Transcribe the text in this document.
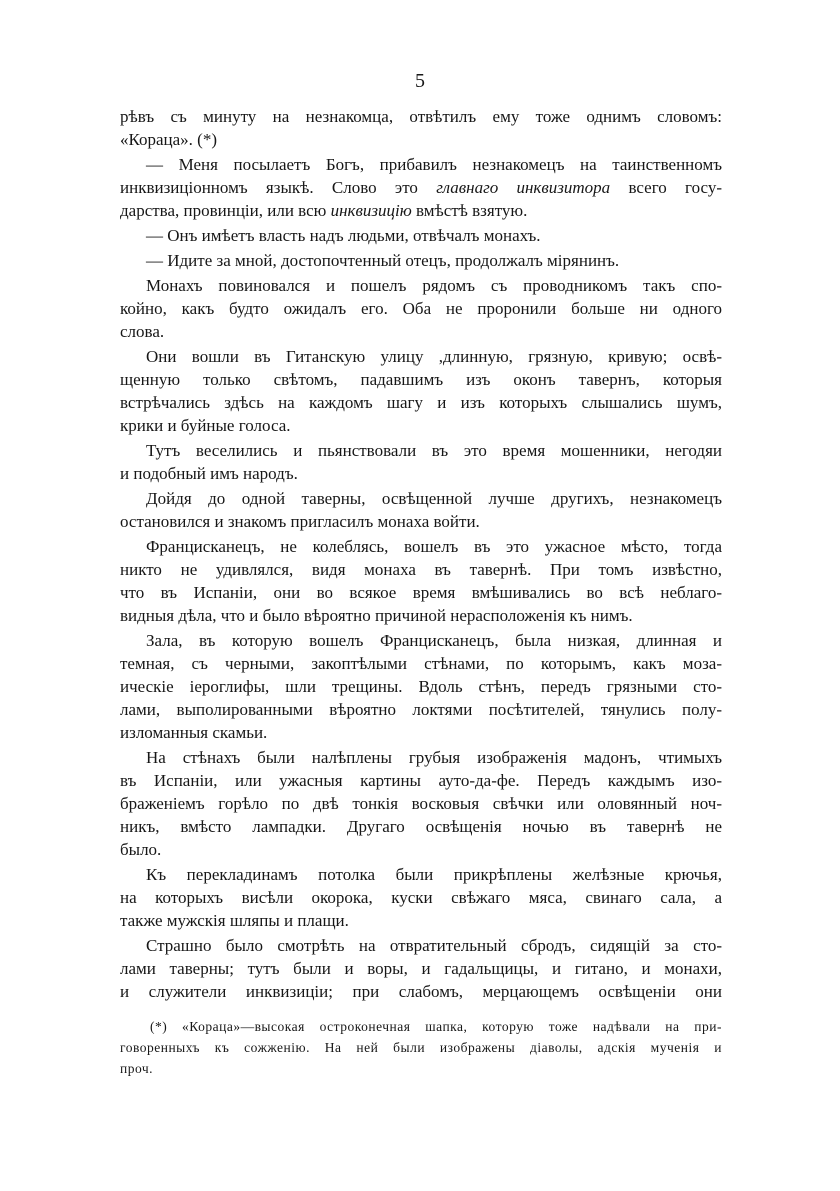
5
рѣвъ съ минуту на незнакомца, отвѣтилъ ему тоже однимъ словомъ:
«Кораца». (*)
— Меня посылаетъ Богъ, прибавилъ незнакомецъ на таинственномъ
инквизиціонномъ языкѣ. Слово это главнаго инквизитора всего госу-
дарства, провинціи, или всю инквизицію вмѣстѣ взятую.
— Онъ имѣетъ власть надъ людьми, отвѣчалъ монахъ.
— Идите за мной, достопочтенный отецъ, продолжалъ мірянинъ.
Монахъ повиновался и пошелъ рядомъ съ проводникомъ такъ спо-
койно, какъ будто ожидалъ его. Оба не проронили больше ни одного
слова.
Они вошли въ Гитанскую улицу ,длинную, грязную, кривую; освѣ-
щенную только свѣтомъ, падавшимъ изъ оконъ тавернъ, которыя
встрѣчались здѣсь на каждомъ шагу и изъ которыхъ слышались шумъ,
крики и буйные голоса.
Тутъ веселились и пьянствовали въ это время мошенники, негодяи
и подобный имъ народъ.
Дойдя до одной таверны, освѣщенной лучше другихъ, незнакомецъ
остановился и знакомъ пригласилъ монаха войти.
Францисканецъ, не колеблясь, вошелъ въ это ужасное мѣсто, тогда
никто не удивлялся, видя монаха въ тавернѣ. При томъ извѣстно,
что въ Испаніи, они во всякое время вмѣшивались во всѣ неблаго-
видныя дѣла, что и было вѣроятно причиной нерасположенія къ нимъ.
Зала, въ которую вошелъ Францисканецъ, была низкая, длинная и
темная, съ черными, закоптѣлыми стѣнами, по которымъ, какъ моза-
ическіе іероглифы, шли трещины. Вдоль стѣнъ, передъ грязными сто-
лами, выполированными вѣроятно локтями посѣтителей, тянулись полу-
изломанныя скамьи.
На стѣнахъ были налѣплены грубыя изображенія мадонъ, чтимыхъ
въ Испаніи, или ужасныя картины ауто-да-фе. Передъ каждымъ изо-
браженіемъ горѣло по двѣ тонкія восковыя свѣчки или оловянный ноч-
никъ, вмѣсто лампадки. Другаго освѣщенія ночью въ тавернѣ не
было.
Къ перекладинамъ потолка были прикрѣплены желѣзные крючья,
на которыхъ висѣли окорока, куски свѣжаго мяса, свинаго сала, а
также мужскія шляпы и плащи.
Страшно было смотрѣть на отвратительный сбродъ, сидящій за сто-
лами таверны; тутъ были и воры, и гадальщицы, и гитано, и монахи,
и служители инквизиціи; при слабомъ, мерцающемъ освѣщеніи они
(*) «Кораца»—высокая остроконечная шапка, которую тоже надѣвали на при-
говоренныхъ къ сожженію. На ней были изображены діаволы, адскія мученія и
проч.
